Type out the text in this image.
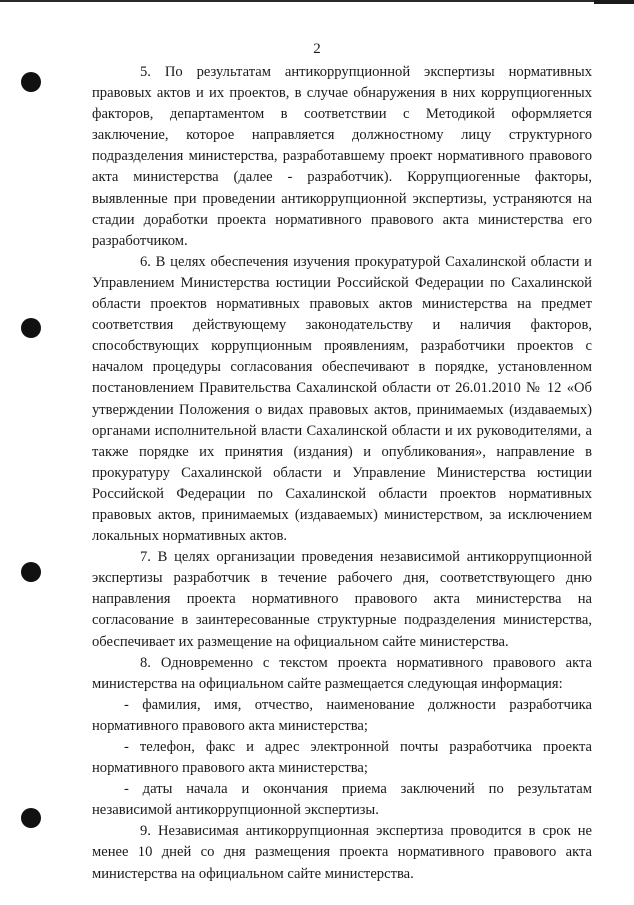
2

5. По результатам антикоррупционной экспертизы нормативных правовых актов и их проектов, в случае обнаружения в них коррупциогенных факторов, департаментом в соответствии с Методикой оформляется заключение, которое направляется должностному лицу структурного подразделения министерства, разработавшему проект нормативного правового акта министерства (далее - разработчик). Коррупциогенные факторы, выявленные при проведении антикоррупционной экспертизы, устраняются на стадии доработки проекта нормативного правового акта министерства его разработчиком.

6. В целях обеспечения изучения прокуратурой Сахалинской области и Управлением Министерства юстиции Российской Федерации по Сахалинской области проектов нормативных правовых актов министерства на предмет соответствия действующему законодательству и наличия факторов, способствующих коррупционным проявлениям, разработчики проектов с началом процедуры согласования обеспечивают в порядке, установленном постановлением Правительства Сахалинской области от 26.01.2010 № 12 «Об утверждении Положения о видах правовых актов, принимаемых (издаваемых) органами исполнительной власти Сахалинской области и их руководителями, а также порядке их принятия (издания) и опубликования», направление в прокуратуру Сахалинской области и Управление Министерства юстиции Российской Федерации по Сахалинской области проектов нормативных правовых актов, принимаемых (издаваемых) министерством, за исключением локальных нормативных актов.

7. В целях организации проведения независимой антикоррупционной экспертизы разработчик в течение рабочего дня, соответствующего дню направления проекта нормативного правового акта министерства на согласование в заинтересованные структурные подразделения министерства, обеспечивает их размещение на официальном сайте министерства.

8. Одновременно с текстом проекта нормативного правового акта министерства на официальном сайте размещается следующая информация:

- фамилия, имя, отчество, наименование должности разработчика нормативного правового акта министерства;

- телефон, факс и адрес электронной почты разработчика проекта нормативного правового акта министерства;

- даты начала и окончания приема заключений по результатам независимой антикоррупционной экспертизы.

9. Независимая антикоррупционная экспертиза проводится в срок не менее 10 дней со дня размещения проекта нормативного правового акта министерства на официальном сайте министерства.
